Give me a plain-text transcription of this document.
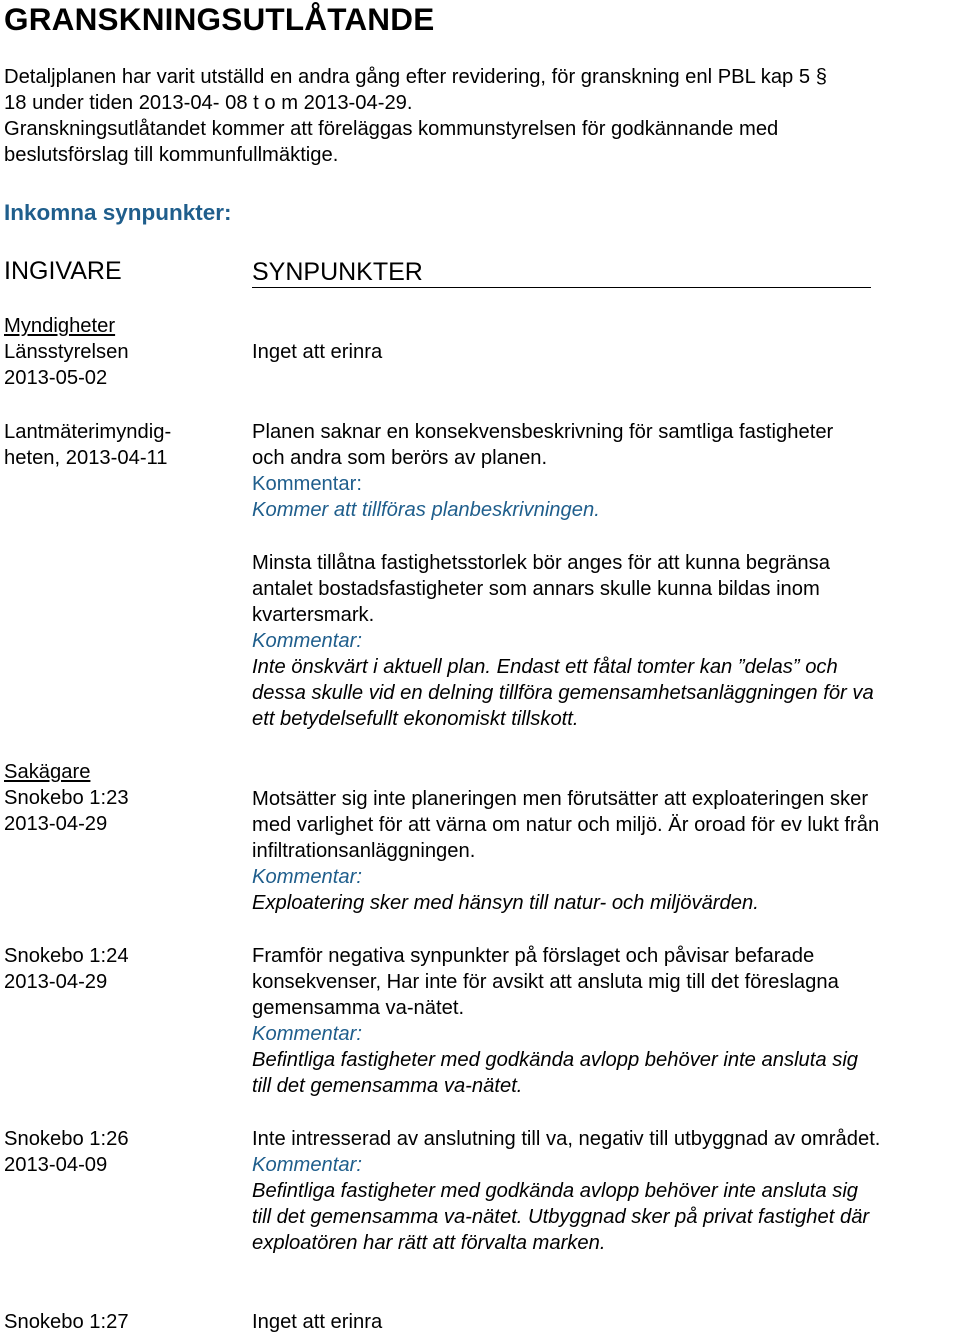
GRANSKNINGSUTLÅTANDE
Detaljplanen har varit utställd en andra gång efter revidering, för granskning enl PBL kap 5 §
18 under tiden 2013-04- 08 t o m 2013-04-29.
Granskningsutlåtandet kommer att föreläggas kommunstyrelsen för godkännande med
beslutsförslag till kommunfullmäktige.
Inkomna synpunkter:
INGIVARE	SYNPUNKTER
Myndigheter
Länsstyrelsen
2013-05-02
Inget att erinra
Lantmäterimyndig-
heten, 2013-04-11
Planen saknar en konsekvensbeskrivning för samtliga fastigheter
och andra som berörs av planen.
Kommentar:
Kommer att tillföras planbeskrivningen.
Minsta tillåtna fastighetsstorlek bör anges för att kunna begränsa
antalet bostadsfastigheter som annars skulle kunna bildas inom
kvartersmark.
Kommentar:
Inte önskvärt i aktuell plan. Endast ett fåtal tomter kan ”delas” och
dessa skulle vid en delning tillföra gemensamhetsanläggningen för va
ett betydelsefullt ekonomiskt tillskott.
Sakägare
Snokebo 1:23
2013-04-29
Motsätter sig inte planeringen men förutsätter att exploateringen sker
med varlighet för att värna om natur och miljö. Är oroad för ev lukt från
infiltrationsanläggningen.
Kommentar:
Exploatering sker med hänsyn till natur- och miljövärden.
Snokebo 1:24
2013-04-29
Framför negativa synpunkter på förslaget och påvisar befarade
konsekvenser, Har inte för avsikt att ansluta mig till det föreslagna
gemensamma va-nätet.
Kommentar:
Befintliga fastigheter med godkända avlopp behöver inte ansluta sig
till det gemensamma va-nätet.
Snokebo 1:26
2013-04-09
Inte intresserad av anslutning till va, negativ till utbyggnad av området.
Kommentar:
Befintliga fastigheter med godkända avlopp behöver inte ansluta sig
till det gemensamma va-nätet. Utbyggnad sker på privat fastighet där
exploatören har rätt att förvalta marken.
Snokebo 1:27	Inget att erinra
